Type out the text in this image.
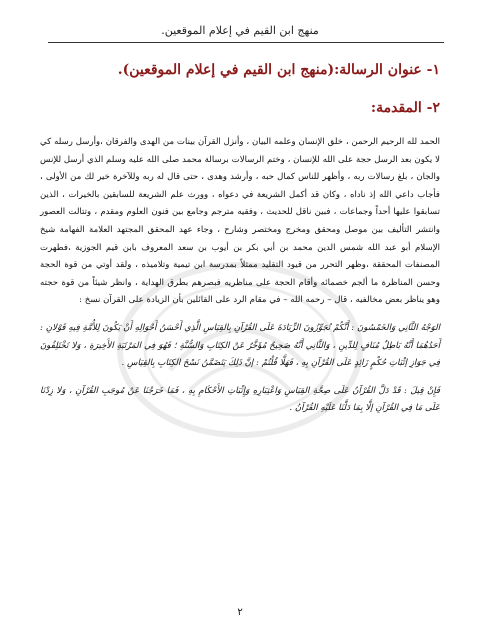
منهج ابن القيم في إعلام الموقعين.
١- عنوان الرسالة:(منهج ابن القيم في إعلام الموقعين).
٢- المقدمة:

الحمد لله الرحيم الرحمن ، خلق الإنسان وعلمه البيان ، وأنزل القرآن بينات من الهدى والفرقان ،وأرسل رسله كي لا يكون بعد الرسل حجة على الله للإنسان ، وختم الرسالات برسالة محمد صلى الله عليه وسلم الذي أرسل للإنس والجان ، بلغ رسالات ربه ، وأظهر للناس كمال حبه ، وأرشد وهدى ، حتى قال له ربه وللآخرة خير لك من الأولى ، فأجاب داعي الله إذ ناداه ، وكان قد أكمل الشريعة في دعواه ، وورث علم الشريعة للسابقين بالخيرات ، الذين تسابقوا عليها أحداً وجماعات ، فبين ناقل للحديث ، وفقيه مترجم وجامع بين فنون العلوم ومقدم ، وتتالت العصور وانتشر التأليف بين موصل ومحقق ومخرج ومختصر وشارح ، وجاء عهد المحقق المجتهد العلامة الفهامة شيخ الإسلام أبو عبد الله شمس الدين محمد بن أبي بكر بن أيوب بن سعد المعروف بابن قيم الجوزية ،فطهرت المصنفات المحققة ،وظهر التحرر من قيود التقليد ممثلاً بمدرسة ابن تيمية وتلاميذه ، ولقد أوتي من قوة الحجة وحسن المناظرة ما ألجم خصمائه وأقام الحجة على مناظريه فبصرهم بطرق الهداية ، وانظر شيئاً من قوة حجته وهو يناظر بعض مخالفيه ، قال – رحمه الله – في مقام الرد على القائلين بأن الزيادة على القرآن نسخ :

الوَجْهُ الثَّانِي وَالخَمْسُونَ : أَنَّكُمْ تُجَوِّزُونَ الزِّيَادَةَ عَلَى القُرْآنِ بِالقِيَاسِ الَّذِي أَحْسَنُ أَحْوَالِهِ أَنْ يَكُونَ لِلأُمَّةِ فِيهِ قَوْلانِ : أَحَدُهُمَا أَنَّهُ بَاطِلٌ مُنَافٍ لِلدِّينِ ، وَالثَّانِي أَنَّهُ صَحِيحٌ مُؤَخَّرٌ عَنْ الكِتَابِ وَالسُّنَّةِ ؛ فَهُوَ فِي المَرْتَبَةِ الأَخِيرَةِ ، وَلا تَخْتَلِفُونَ فِي جَوَازِ إثْبَاتِ حُكْمٍ زَائِدٍ عَلَى القُرْآنِ بِهِ ، فَهَلَّا قُلْتُمْ : إنَّ ذَلِكَ يَتَضَمَّنُ نَسْخَ الكِتَابِ بِالقِيَاسِ .

فَإِنْ قِيلَ : قَدْ دَلَّ القُرْآنُ عَلَى صِحَّةِ القِيَاسِ وَاعْتِبَارِهِ وَإِثْبَاتِ الأَحْكَامِ بِهِ ، فَمَا خَرَجْنَا عَنْ مُوجَبِ القُرْآنِ ، وَلا زِدْنَا عَلَى مَا فِي القُرْآنِ إلَّا بِمَا دَلَّنَا عَلَيْهِ القُرْآنُ .

٢
